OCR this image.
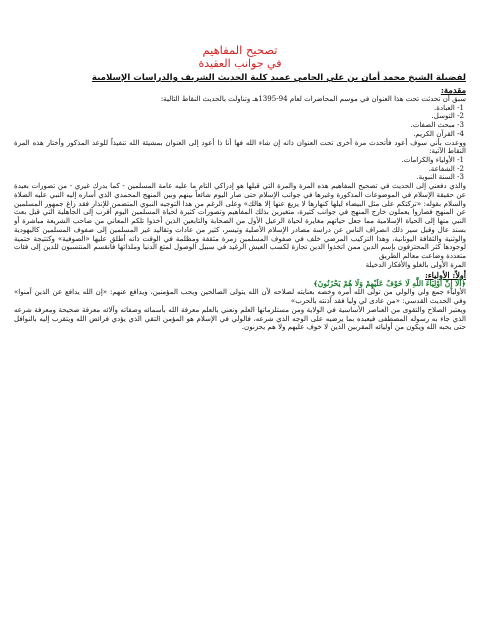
تصحيح المفاهيم
في جوانب العقيدة
لفضيلة الشيخ محمد أمان بن علي الجامي عميد كلية الحديث الشريف والدراسات الإسلامية
مقدمة:

سبق أن تحدثت تحت هذا العنوان في موسم المحاضرات لعام 94-1395هـ وتناولت بالحديث النقاط التالية:

1- العبادة.
2- التوسل.
3- مبحث الصفات.
4- القرآن الكريم.

ووعدت بأني سوف أعود فأتحدث مرة أخرى تحت العنوان ذاته إن شاء الله فها أنا ذا أعود إلى العنوان بمشيئة الله تنفيذاً للوعد المذكور وأختار هذه المرة النقاط الآتية:

1- الأولياء والكرامات.
2- الشفاعة.
3- السنة النبوية.

والذي دفعني إلى الحديث في تصحيح المفاهيم هذه المرة والمرة التي قبلها هو إدراكي التام ما عليه عامة المسلمين - كما يدرك غيري - من تصورات بعيدة عن حقيقة الإسلام في الموضوعات المذكورة وغيرها في جوانب الإسلام حتى صار اليوم شائعاً بينهم وبين المنهج المحمدي الذي أساره إليه النبي عليه الصلاة والسلام بقوله: «تركتكم على مثل البيضاء ليلها كنهارها لا يزيغ عنها إلا هالك» وعلى الرغم من هذا التوجيه النبوي المتضمن للإنذار فقد زاغ جمهور المسلمين عن المنهج فصاروا يعملون خارج المنهج في جوانب كثيرة، متغيرين بذلك المفاهيم وتصورات كثيرة لحياة المسلمين اليوم أقرب إلى الجاهلية التي قبل بعث النبي منها إلى الحياة الإسلامية مما جعل حياتهم مغايرة لحياة الرعيل الأول من الصحابة والتابعين الذين أخذوا تلكم المعاني من صاحب الشريعة مباشرة أو بسند عال وقبل سير ذلك انصراف الناس عن دراسة مصادر الإسلام الأصلية وتيسر، كثير من عادات وتقاليد غير المسلمين إلى صفوف المسلمين كاليهودية والوثنية والثقافة اليونانية، وهذا التركيب المرضي خلف في صفوف المسلمين زمرة مثقفة ومظلمة في الوقت ذاته أطلق عليها «الصوفية» وكتتيجة حتمية لوجودها كثر المحترفون بإسم الدين ممن اتخذوا الدين تجارة لكسب العيش الرغيد في سبيل الوصول لمتع الدنيا وملذاتها فانقسم المنتسبون للدين إلى فئات متعددة وضاعت معالم الطريق

المرة الأولى بالغلو والأفكار الدخيلة

أولاً: الأولياء:

﴿أَلَا إِنَّ أَوْلِيَاءَ اللَّهِ لَا خَوْفٌ عَلَيْهِمْ وَلَا هُمْ يَحْزَنُونَ﴾

الأولياء جمع ولي والولي من تولى الله أمره وخصه بعنايته لصلاحه لأن الله يتولى الصالحين ويحب المؤمنين، ويدافع عنهم: «إن الله يدافع عن الذين آمنوا» وفي الحديث القدسي: «من عادى لي وليا فقد آذنته بالحرب»

ويعتبر الصلاح والتقوى من العناصر الأساسية في الولاية ومن مستلزماتها العلم ونعني بالعلم معرفة الله بأسمائه وصفاته وآلائه معرفة صحيحة ومعرفة شرعه الذي جاء به رسوله المصطفى فيعبده بما يرضيه على الوجه الذي شرعه، فالولي في الإسلام هو المؤمن التقي الذي يؤدي فرائض الله ويتقرب إليه بالنوافل حتى يحبه الله ويكون من أوليائه المقربين الذين لا خوف عليهم ولا هم يحزنون.
